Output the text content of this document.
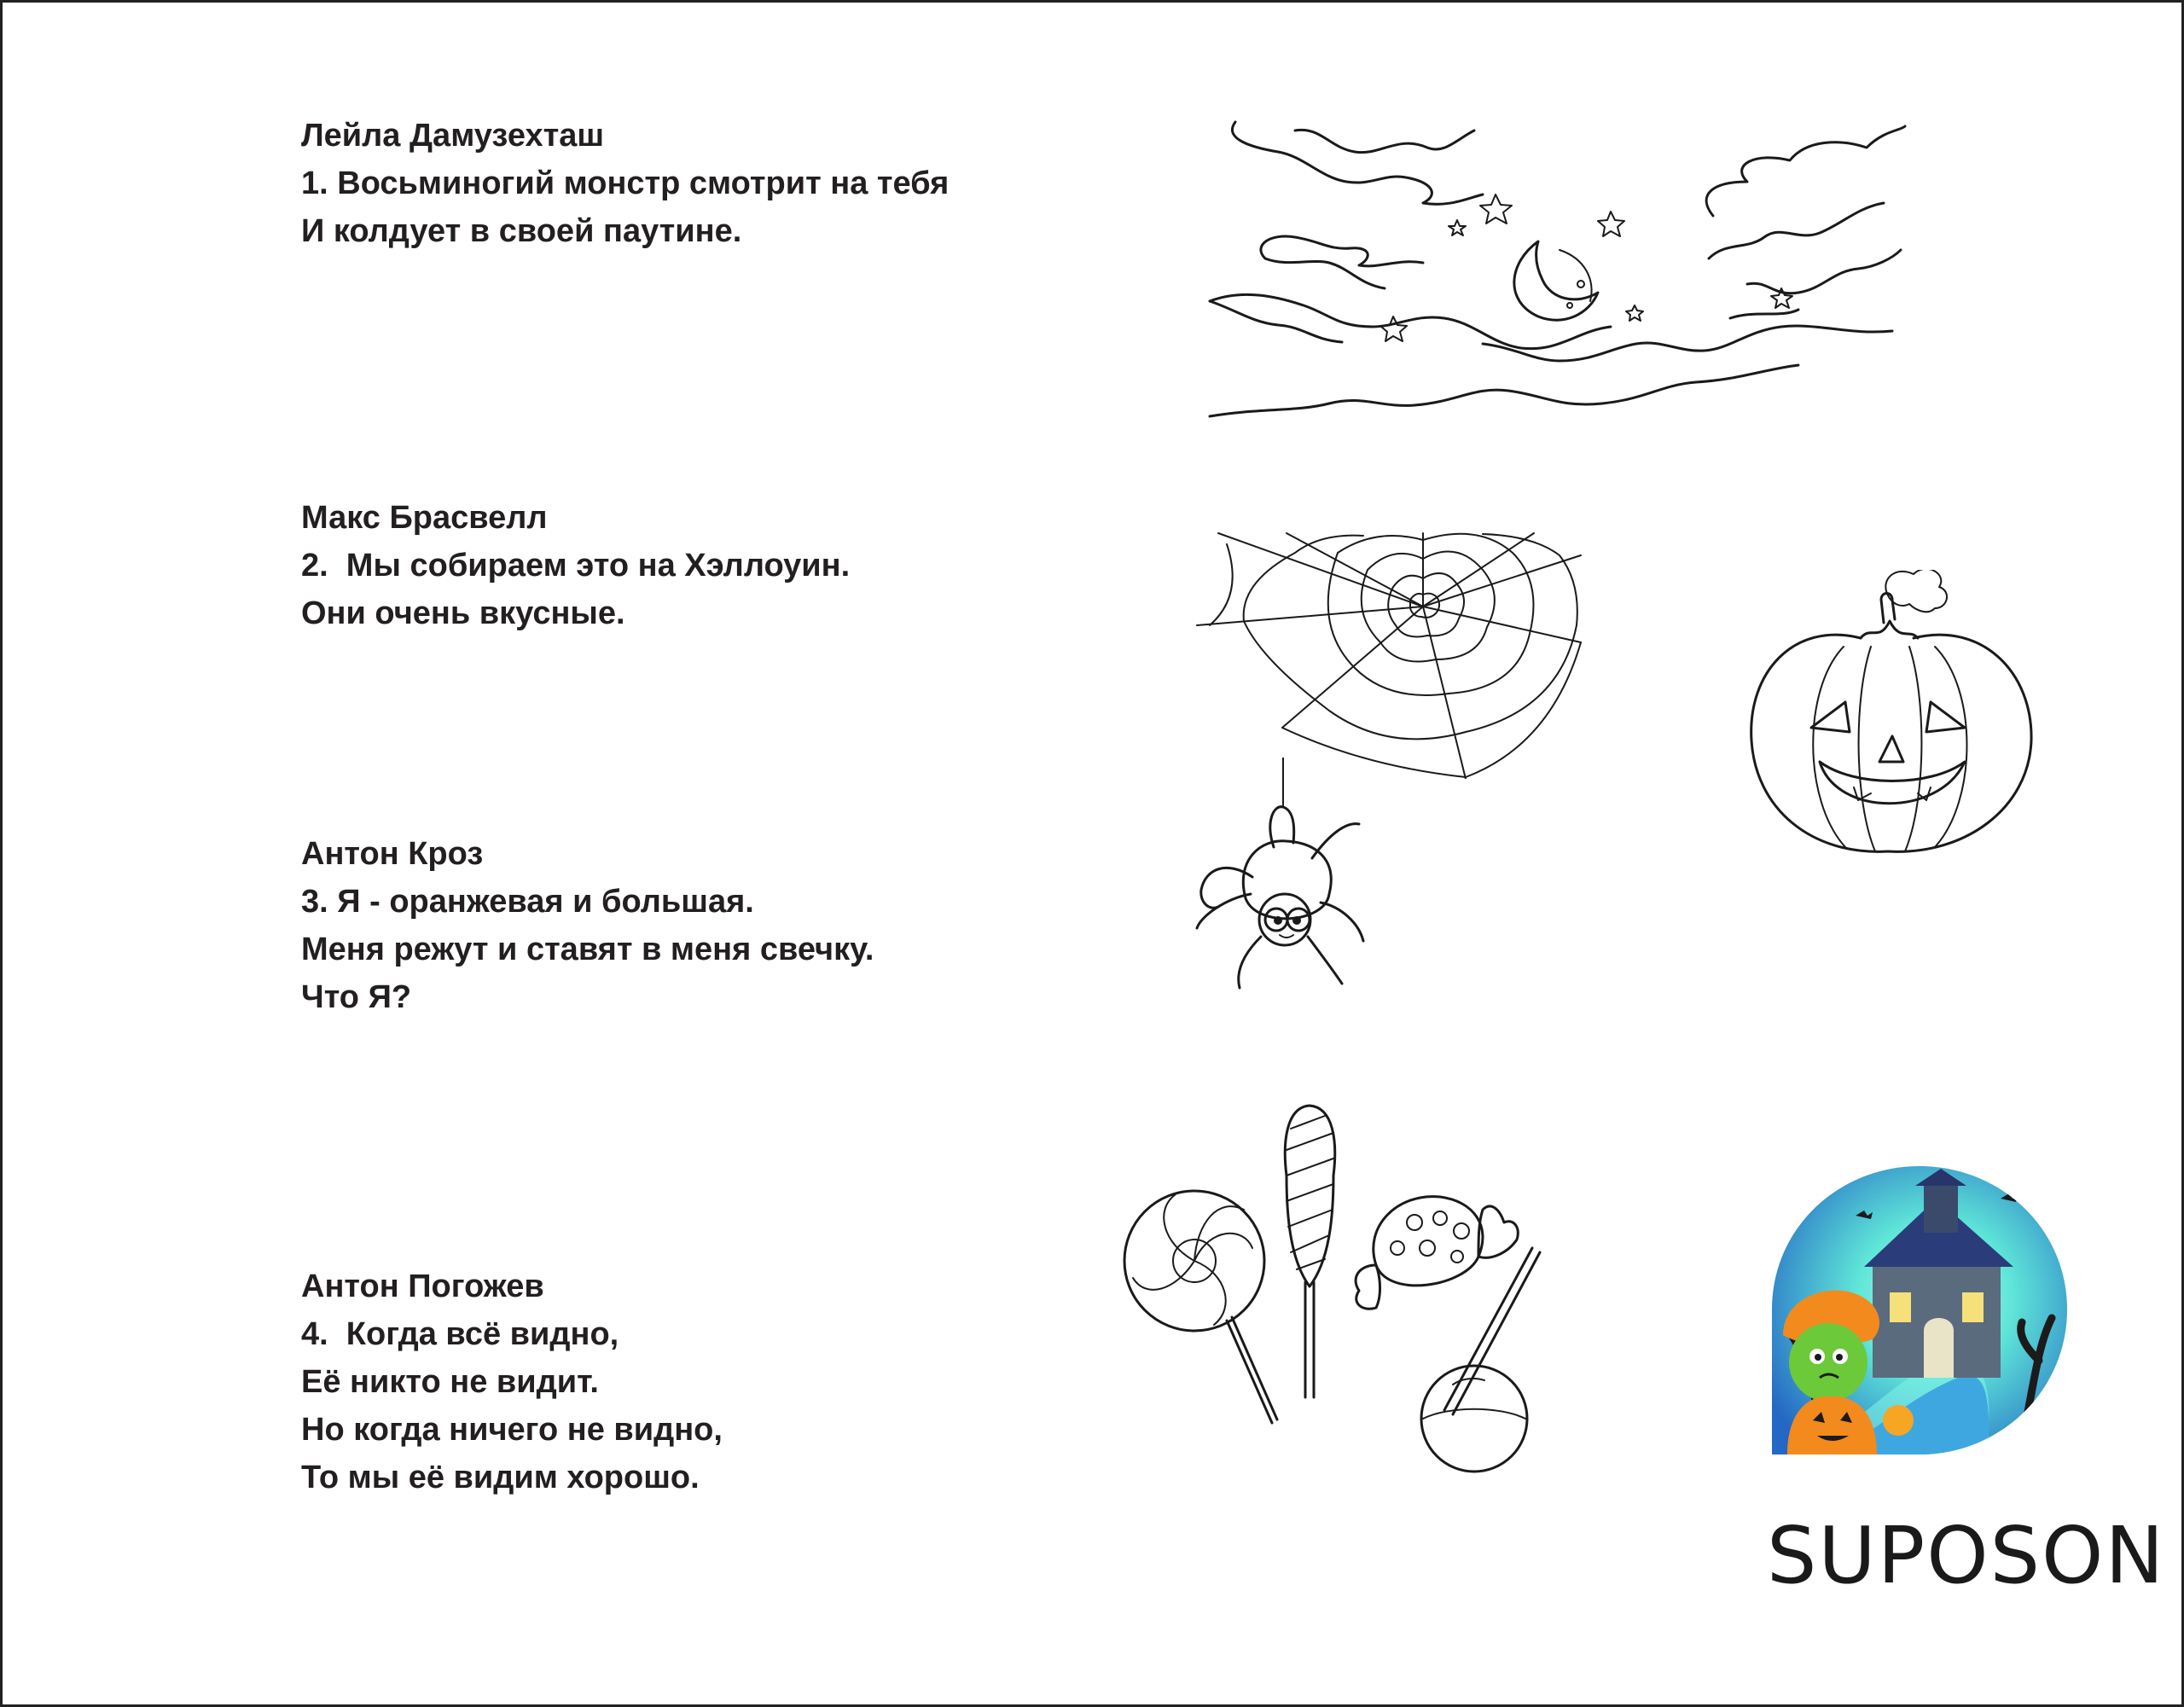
Лейла Дамузехташ

1. Восьминогий монстр смотрит на тебя

И колдует в своей паутине.

Макс Брасвелл

2.  Мы собираем это на Хэллоуин.

Они очень вкусные.

Антон Кроз

3. Я - оранжевая и большая.

Меня режут и ставят в меня свечку.

Что Я?

Антон Погожев

4.  Когда всё видно,

Её никто не видит.

Но когда ничего не видно,

То мы её видим хорошо.

SUPOSON
